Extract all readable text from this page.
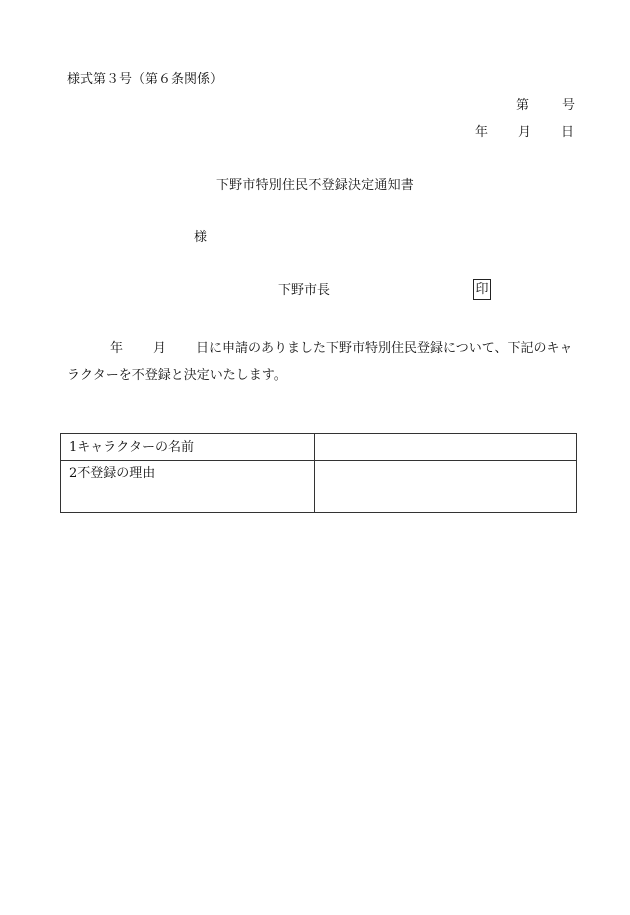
様式第３号（第６条関係）
第	号
年 月 日
下野市特別住民不登録決定通知書
様
下野市長	印
年 月 日に申請のありました下野市特別住民登録について、下記のキャラクターを不登録と決定いたします。
1キャラクターの名前	
2不登録の理由	
